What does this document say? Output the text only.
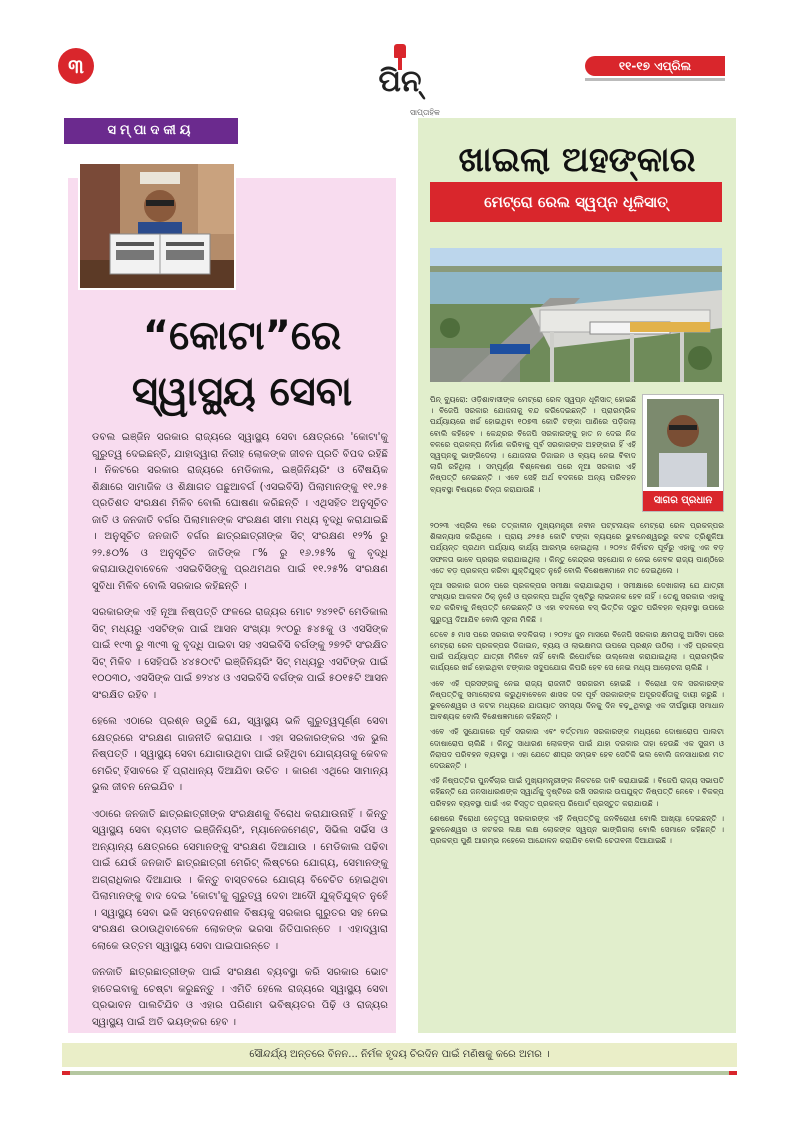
୩	ପିନ୍
ସାପ୍ତାହିକ
୧୧-୧୭ ଏପ୍ରିଲ
ସମ୍ପାଦକୀୟ
“କୋଟା”ରେ
ସ୍ୱାସ୍ଥ୍ୟ ସେବା

ଡବଲ ଇଞ୍ଜିନ ସରକାର ରାଜ୍ୟରେ ସ୍ୱାସ୍ଥ୍ୟ ସେବା କ୍ଷେତ୍ରରେ 'କୋଟା'କୁ ଗୁରୁତ୍ୱ ଦେଇଛନ୍ତି, ଯାହାଦ୍ୱାରା ନିରୀହ ଲୋକଙ୍କ ଜୀବନ ପ୍ରତି ବିପଦ ରହିଛି । ନିକଟରେ ସରକାର ରାଜ୍ୟରେ ମେଡିକାଲ, ଇଞ୍ଜିନିୟରିଂ ଓ ବୈଷୟିକ ଶିକ୍ଷାରେ ସାମାଜିକ ଓ ଶିକ୍ଷାଗତ ପଛୁଆବର୍ଗ (ଏସଇବିସି) ପିଲାମାନଙ୍କୁ ୧୧.୨୫ ପ୍ରତିଶତ ସଂରକ୍ଷଣ ମିଳିବ ବୋଲି ଘୋଷଣା କରିଛନ୍ତି । ଏଥିସହିତ ଅନୁସୂଚିତ ଜାତି ଓ ଜନଜାତି ବର୍ଗର ପିଲାମାନଙ୍କ ସଂରକ୍ଷଣ ସୀମା ମଧ୍ୟ ବୃଦ୍ଧି କରାଯାଇଛି । ଅନୁସୂଚିତ ଜନଜାତି ବର୍ଗର ଛାତ୍ରଛାତ୍ରୀଙ୍କ ସିଟ୍ ସଂରକ୍ଷଣ ୧୨% ରୁ ୨୨.୫୦% ଓ ଅନୁସୂଚିତ ଜାତିଙ୍କ ୮% ରୁ ୧୬.୨୫% କୁ ବୃଦ୍ଧି କରାଯାଉଥିବାବେଳେ ଏସଇବିସିଙ୍କୁ ପ୍ରଥମଥର ପାଇଁ ୧୧.୨୫% ସଂରକ୍ଷଣ ସୁବିଧା ମିଳିବ ବୋଲି ସରକାର କହିଛନ୍ତି ।

ସରକାରଙ୍କ ଏହି ନୂଆ ନିଷ୍ପତ୍ତି ଫଳରେ ରାଜ୍ୟର ମୋଟ ୨୪୨୧ଟି ମେଡିକାଲ ସିଟ୍ ମଧ୍ୟରୁ ଏସଟିଙ୍କ ପାଇଁ ଆସନ ସଂଖ୍ୟା ୨୯୦ରୁ ୫୪୫କୁ ଓ ଏସସିଙ୍କ ପାଇଁ ୧୯୩ ରୁ ୩୯୩ କୁ ବୃଦ୍ଧି ପାଇବା ସହ ଏସଇବିସି ବର୍ଗଙ୍କୁ ୨୭୨ଟି ସଂରକ୍ଷିତ ସିଟ୍ ମିଳିବ । ସେହିପରି ୪୪୫୦୯ଟି ଇଞ୍ଜିନିୟରିଂ ସିଟ୍ ମଧ୍ୟରୁ ଏସଟିଙ୍କ ପାଇଁ ୧୦୦୩୦, ଏସସିଙ୍କ ପାଇଁ ୭୨୪୪ ଓ ଏସଇବିସି ବର୍ଗଙ୍କ ପାଇଁ ୫୦୧୫ଟି ଆସନ ସଂରକ୍ଷିତ ରହିବ ।

ହେଲେ ଏଠାରେ ପ୍ରଶ୍ନ ଉଠୁଛି ଯେ, ସ୍ୱାସ୍ଥ୍ୟ ଭଳି ଗୁରୁତ୍ୱପୂର୍ଣ୍ଣ ସେବା କ୍ଷେତ୍ରରେ ସଂରକ୍ଷଣ ଗାଜନୀତି କରାଯାଉ । ଏହା ସରକାରଙ୍କର ଏକ ଭୁଲ ନିଷ୍ପତ୍ତି । ସ୍ୱାସ୍ଥ୍ୟ ସେବା ଯୋଗାଉଥିବା ପାଇଁ ରହିଥିବା ଯୋଗ୍ୟତାକୁ କେବଳ ମେରିଟ୍ ହିସାବରେ ହିଁ ପ୍ରାଧାନ୍ୟ ଦିଆଯିବା ଉଚିତ । କାରଣ ଏଥିରେ ସାମାନ୍ୟ ଭୁଲ ଜୀବନ ନେଇଯିବ ।

ଏଠାରେ ଜନଜାତି ଛାତ୍ରଛାତ୍ରୀଙ୍କ ସଂରକ୍ଷଣକୁ ବିରୋଧ କରାଯାଉନାହିଁ । କିନ୍ତୁ ସ୍ୱାସ୍ଥ୍ୟ ସେବା ବ୍ୟତୀତ ଇଞ୍ଜିନିୟରିଂ, ମ୍ୟାନେଜମେଣ୍ଟ, ସିଭିଲ ସର୍ଭିସ ଓ ଅନ୍ୟାନ୍ୟ କ୍ଷେତ୍ରରେ ସେମାନଙ୍କୁ ସଂରକ୍ଷଣ ଦିଆଯାଉ । ମେଡିକାଲ ପଢିବା ପାଇଁ ଯେଉଁ ଜନଜାତି ଛାତ୍ରଛାତ୍ରୀ ମେରିଟ୍ ଲିଷ୍ଟରେ ଯୋଗ୍ୟ, ସେମାନଙ୍କୁ ଅଗ୍ରାଧିକାର ଦିଆଯାଉ । କିନ୍ତୁ ବାସ୍ତବରେ ଯୋଗ୍ୟ ବିବେଚିତ ହୋଇଥିବା ପିଲାମାନଙ୍କୁ ବାଦ ଦେଇ 'କୋଟା'କୁ ଗୁରୁତ୍ୱ ଦେବା ଆଦୌ ଯୁକ୍ତିଯୁକ୍ତ ନୁହେଁ । ସ୍ୱାସ୍ଥ୍ୟ ସେବା ଭଳି ସମ୍ବେଦନଶୀଳ ବିଷୟକୁ ସରକାର ଗୁରୁତର ସହ ନେଇ ସଂରକ୍ଷଣ ଉଠାଉଥିବାବେଳେ ଲୋକଙ୍କ ଭରସା ଜିତିପାରନ୍ତେ । ଏହାଦ୍ୱାରା ଲୋକେ ଉତ୍ତମ ସ୍ୱାସ୍ଥ୍ୟ ସେବା ପାଇପାରନ୍ତେ ।

ଜନଜାତି ଛାତ୍ରଛାତ୍ରୀଙ୍କ ପାଇଁ ସଂରକ୍ଷଣ ବ୍ୟବସ୍ଥା କରି ସରକାର ଭୋଟ ହାତେଇବାକୁ ଚେଷ୍ଟା କରୁଛନ୍ତୁ । ଏମିତି ହେଲେ ରାଜ୍ୟରେ ସ୍ୱାସ୍ଥ୍ୟ ସେବା ପ୍ରଭାବନ ପାଲଟିଯିବ ଓ ଏହାର ପରିଣାମ ଭବିଷ୍ୟତର ପିଢ଼ି ଓ ରାଜ୍ୟର ସ୍ୱାସ୍ଥ୍ୟ ପାଇଁ ଅତି ଭୟଙ୍କର ହେବ ।

ଖାଇଲା ଅହଙ୍କାର
ମେଟ୍ରୋ ରେଲ ସ୍ୱପ୍ନ ଧୂଳିସାତ୍
ସାଗର ପ୍ରଧାନ

ପିନ୍ ବ୍ୟୁରୋ: ଓଡ଼ିଶାବାସୀଙ୍କ ମେଟ୍ରୋ ରେଳ ସ୍ୱପ୍ନ ଧୂଳିସାତ୍ ହୋଇଛି । ବିଜେପି ସରକାର ଯୋଜନାକୁ ବନ୍ଦ କରିଦେଇଛନ୍ତି । ପ୍ରାରମ୍ଭିକ ପର୍ଯ୍ୟାୟରେ ଖର୍ଚ୍ଚ ହୋଇଥିବା ୧୦୭୩ କୋଟି ଟଙ୍କା ପାଣିରେ ପଡ଼ିଗଲା ବୋଲି କହିହେବ । କେନ୍ଦ୍ରର ବିଜେପି ସରକାରଙ୍କୁ ହାତ ନ ଦେଇ ନିଜ ବଳରେ ପ୍ରକଳ୍ପ ନିର୍ମାଣ କରିବାକୁ ପୂର୍ବ ସରକାରଙ୍କ ଅହଙ୍କାର ହିଁ ଏହି ସ୍ୱପ୍ନକୁ ଭାଙ୍ଗିଦେଲା । ଯୋଜନାର ଡିଜାଇନ ଓ ବ୍ୟୟ ନେଇ ବିବାଦ ଲାଗି ରହିଥିଲା । ସମ୍ପୂର୍ଣ୍ଣ ବିଶ୍ଳେଷଣ ପରେ ନୂଆ ସରକାର ଏହି ନିଷ୍ପତ୍ତି ନେଇଛନ୍ତି । ଏବେ ସେହି ଅର୍ଥ ବଦଳରେ ଅନ୍ୟ ପରିବହନ ବ୍ୟବସ୍ଥା ବିଷୟରେ ଚିନ୍ତା କରାଯାଉଛି ।

୨୦୨୩ ଏପ୍ରିଲ ୧ରେ ତତ୍କାଳୀନ ମୁଖ୍ୟମନ୍ତ୍ରୀ ନବୀନ ପଟ୍ଟନାୟକ ମେଟ୍ରୋ ରେଳ ପ୍ରକଳ୍ପର ଶିଳାନ୍ୟାସ କରିଥିଲେ । ପ୍ରାୟ ୬୨୫୫ କୋଟି ଟଙ୍କା ବ୍ୟୟରେ ଭୁବନେଶ୍ୱରରୁ କଟକ ତ୍ରିଶୁଳିଆ ପର୍ଯ୍ୟନ୍ତ ପ୍ରଥମ ପର୍ଯ୍ୟାୟ କାର୍ଯ୍ୟ ଆରମ୍ଭ ହୋଇଥିଲା । ୨୦୨୪ ନିର୍ବାଚନ ପୂର୍ବରୁ ଏହାକୁ ଏକ ବଡ଼ ସଫଳତା ଭାବେ ପ୍ରଚାର କରାଯାଇଥିଲା । କିନ୍ତୁ କେନ୍ଦ୍ରର ସହଯୋଗ ନ ନେଇ କେବଳ ରାଜ୍ୟ ପାଣ୍ଠିରେ ଏତେ ବଡ଼ ପ୍ରକଳ୍ପ କରିବା ଯୁକ୍ତିଯୁକ୍ତ ନୁହେଁ ବୋଲି ବିଶେଷଜ୍ଞମାନେ ମତ ଦେଇଥିଲେ ।

ନୂଆ ସରକାର ଗଠନ ପରେ ପ୍ରକଳ୍ପର ସମୀକ୍ଷା କରାଯାଇଥିଲା । ସମୀକ୍ଷାରେ ଦେଖାଗଲା ଯେ ଯାତ୍ରୀ ସଂଖ୍ୟାର ଆକଳନ ଠିକ୍ ନୁହେଁ ଓ ପ୍ରକଳ୍ପ ଆର୍ଥିକ ଦୃଷ୍ଟିରୁ ଲାଭଜନକ ହେବ ନାହିଁ । ତେଣୁ ସରକାର ଏହାକୁ ବନ୍ଦ କରିବାକୁ ନିଷ୍ପତ୍ତି ନେଇଛନ୍ତି ଓ ଏହା ବଦଳରେ ବସ୍ ଭିତ୍ତିକ ଦ୍ରୁତ ପରିବହନ ବ୍ୟବସ୍ଥା ଉପରେ ଗୁରୁତ୍ୱ ଦିଆଯିବ ବୋଲି ସୂଚନା ମିଳିଛି ।

ତେବେ ୫ ମାସ ପରେ ସରକାର ବଦଳିଗଲା । ୨୦୨୪ ଜୁନ ମାସରେ ବିଜେପି ସରକାର କ୍ଷମତାକୁ ଆସିବା ପରେ ମେଟ୍ରୋ ରେଳ ପ୍ରକଳ୍ପର ଡିଜାଇନ, ବ୍ୟୟ ଓ ଲାଭକ୍ଷମତା ଉପରେ ପ୍ରଶ୍ନ ଉଠିଲା । ଏହି ପ୍ରକଳ୍ପ ପାଇଁ ପର୍ଯ୍ୟାପ୍ତ ଯାତ୍ରୀ ମିଳିବେ ନାହିଁ ବୋଲି ରିପୋର୍ଟରେ ଉଲ୍ଲେଖ କରାଯାଇଥିଲା । ପ୍ରାରମ୍ଭିକ କାର୍ଯ୍ୟରେ ଖର୍ଚ୍ଚ ହୋଇଥିବା ଟଙ୍କାର ସଦୁପଯୋଗ କିପରି ହେବ ସେ ନେଇ ମଧ୍ୟ ଆଲୋଚନା ଚାଲିଛି ।

ଏବେ ଏହି ପ୍ରସଙ୍ଗକୁ ନେଇ ରାଜ୍ୟ ରାଜନୀତି ସରଗରମ ହୋଇଛି । ବିରୋଧୀ ଦଳ ସରକାରଙ୍କ ନିଷ୍ପତ୍ତିକୁ ସମାଲୋଚନା କରୁଥିବାବେଳେ ଶାସକ ଦଳ ପୂର୍ବ ସରକାରଙ୍କ ଅଦୂରଦର୍ଶିତାକୁ ଦାୟୀ କରୁଛି । ଭୁବନେଶ୍ୱର ଓ କଟକ ମଧ୍ୟରେ ଯାତାୟାତ ସମସ୍ୟା ଦିନକୁ ଦିନ ବଢ଼ୁଥିବାରୁ ଏକ ଦୀର୍ଘସ୍ଥାୟୀ ସମାଧାନ ଆବଶ୍ୟକ ବୋଲି ବିଶେଷଜ୍ଞମାନେ କହିଛନ୍ତି ।

ଏବେ ଏହି ସୁଯୋଗରେ ପୂର୍ବ ସରକାର ଏବଂ ବର୍ତ୍ତମାନ ସରକାରଙ୍କ ମଧ୍ୟରେ ଦୋଷାରୋପ ପାଲଟା ଦୋଷାରୋପ ଚାଲିଛି । କିନ୍ତୁ ସାଧାରଣ ଲୋକଙ୍କ ପାଇଁ ଯାହା ଦରକାର ତାହା ହେଉଛି ଏକ ସୁଗମ ଓ ନିରାପଦ ପରିବହନ ବ୍ୟବସ୍ଥା । ଏହା ଯେତେ ଶୀଘ୍ର ସମ୍ଭବ ହେବ ସେତିକି ଭଲ ବୋଲି ଜନସାଧାରଣ ମତ ଦେଉଛନ୍ତି ।

ଏହି ନିଷ୍ପତ୍ତିର ପୁନର୍ବିଚାର ପାଇଁ ମୁଖ୍ୟମନ୍ତ୍ରୀଙ୍କ ନିକଟରେ ଦାବି କରାଯାଇଛି । ବିଜେପି ରାଜ୍ୟ ସଭାପତି କହିଛନ୍ତି ଯେ ଜନସାଧାରଣଙ୍କ ସ୍ୱାର୍ଥକୁ ଦୃଷ୍ଟିରେ ରଖି ସରକାର ଉପଯୁକ୍ତ ନିଷ୍ପତ୍ତି ନେବେ । ବିକଳ୍ପ ପରିବହନ ବ୍ୟବସ୍ଥା ପାଇଁ ଏକ ବିସ୍ତୃତ ପ୍ରକଳ୍ପ ରିପୋର୍ଟ ପ୍ରସ୍ତୁତ କରାଯାଉଛି ।

ଶେଷରେ ବିରୋଧୀ ନେତୃତ୍ୱ ସରକାରଙ୍କ ଏହି ନିଷ୍ପତ୍ତିକୁ ଜନବିରୋଧୀ ବୋଲି ଆଖ୍ୟା ଦେଇଛନ୍ତି । ଭୁବନେଶ୍ୱର ଓ କଟକର ଲକ୍ଷ ଲକ୍ଷ ଲୋକଙ୍କ ସ୍ୱପ୍ନ ଭାଙ୍ଗିଗଲା ବୋଲି ସେମାନେ କହିଛନ୍ତି । ପ୍ରକଳ୍ପ ପୁଣି ଆରମ୍ଭ ନହେଲେ ଆନ୍ଦୋଳନ କରାଯିବ ବୋଲି ଚେତାବନୀ ଦିଆଯାଇଛି ।

ସୌନ୍ଦର୍ଯ୍ୟ ଅନ୍ତରେ ବିନନ... ନିର୍ମଳ ହୃଦୟ ଚିରଦିନ ପାଇଁ ମଣିଷକୁ କରେ ଅମର ।
